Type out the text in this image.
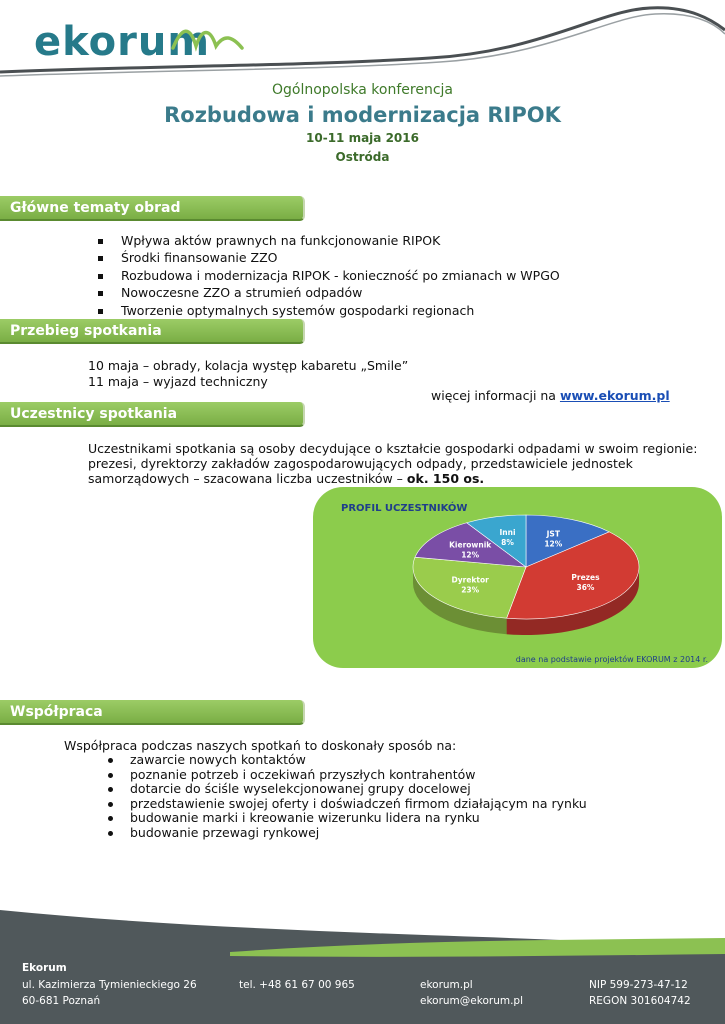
ekorum
Ogólnopolska konferencja
Rozbudowa i modernizacja RIPOK
10-11 maja 2016
Ostróda
Główne tematy obrad
Wpływa aktów prawnych na funkcjonowanie RIPOK
Środki finansowanie ZZO
Rozbudowa i modernizacja RIPOK - konieczność po zmianach w WPGO
Nowoczesne ZZO a strumień odpadów
Tworzenie optymalnych systemów gospodarki regionach
Przebieg spotkania
10 maja – obrady, kolacja występ kabaretu „Smile”
11 maja – wyjazd techniczny
więcej informacji na www.ekorum.pl
Uczestnicy spotkania
Uczestnikami spotkania są osoby decydujące o kształcie gospodarki odpadami w swoim regionie:
prezesi, dyrektorzy zakładów zagospodarowujących odpady, przedstawiciele jednostek
samorządowych – szacowana liczba uczestników – ok. 150 os.
PROFIL UCZESTNIKÓW
JST
12%
Prezes
36%
Dyrektor
23%
Kierownik
12%
Inni
8%
dane na podstawie projektów EKORUM z 2014 r.
Współpraca
Współpraca podczas naszych spotkań to doskonały sposób na:
zawarcie nowych kontaktów
poznanie potrzeb i oczekiwań przyszłych kontrahentów
dotarcie do ściśle wyselekcjonowanej grupy docelowej
przedstawienie swojej oferty i doświadczeń firmom działającym na rynku
budowanie marki i kreowanie wizerunku lidera na rynku
budowanie przewagi rynkowej
Ekorum
ul. Kazimierza Tymienieckiego 26
60-681 Poznań
tel. +48 61 67 00 965	ekorum.pl
ekorum@ekorum.pl
NIP 599-273-47-12
REGON 301604742
